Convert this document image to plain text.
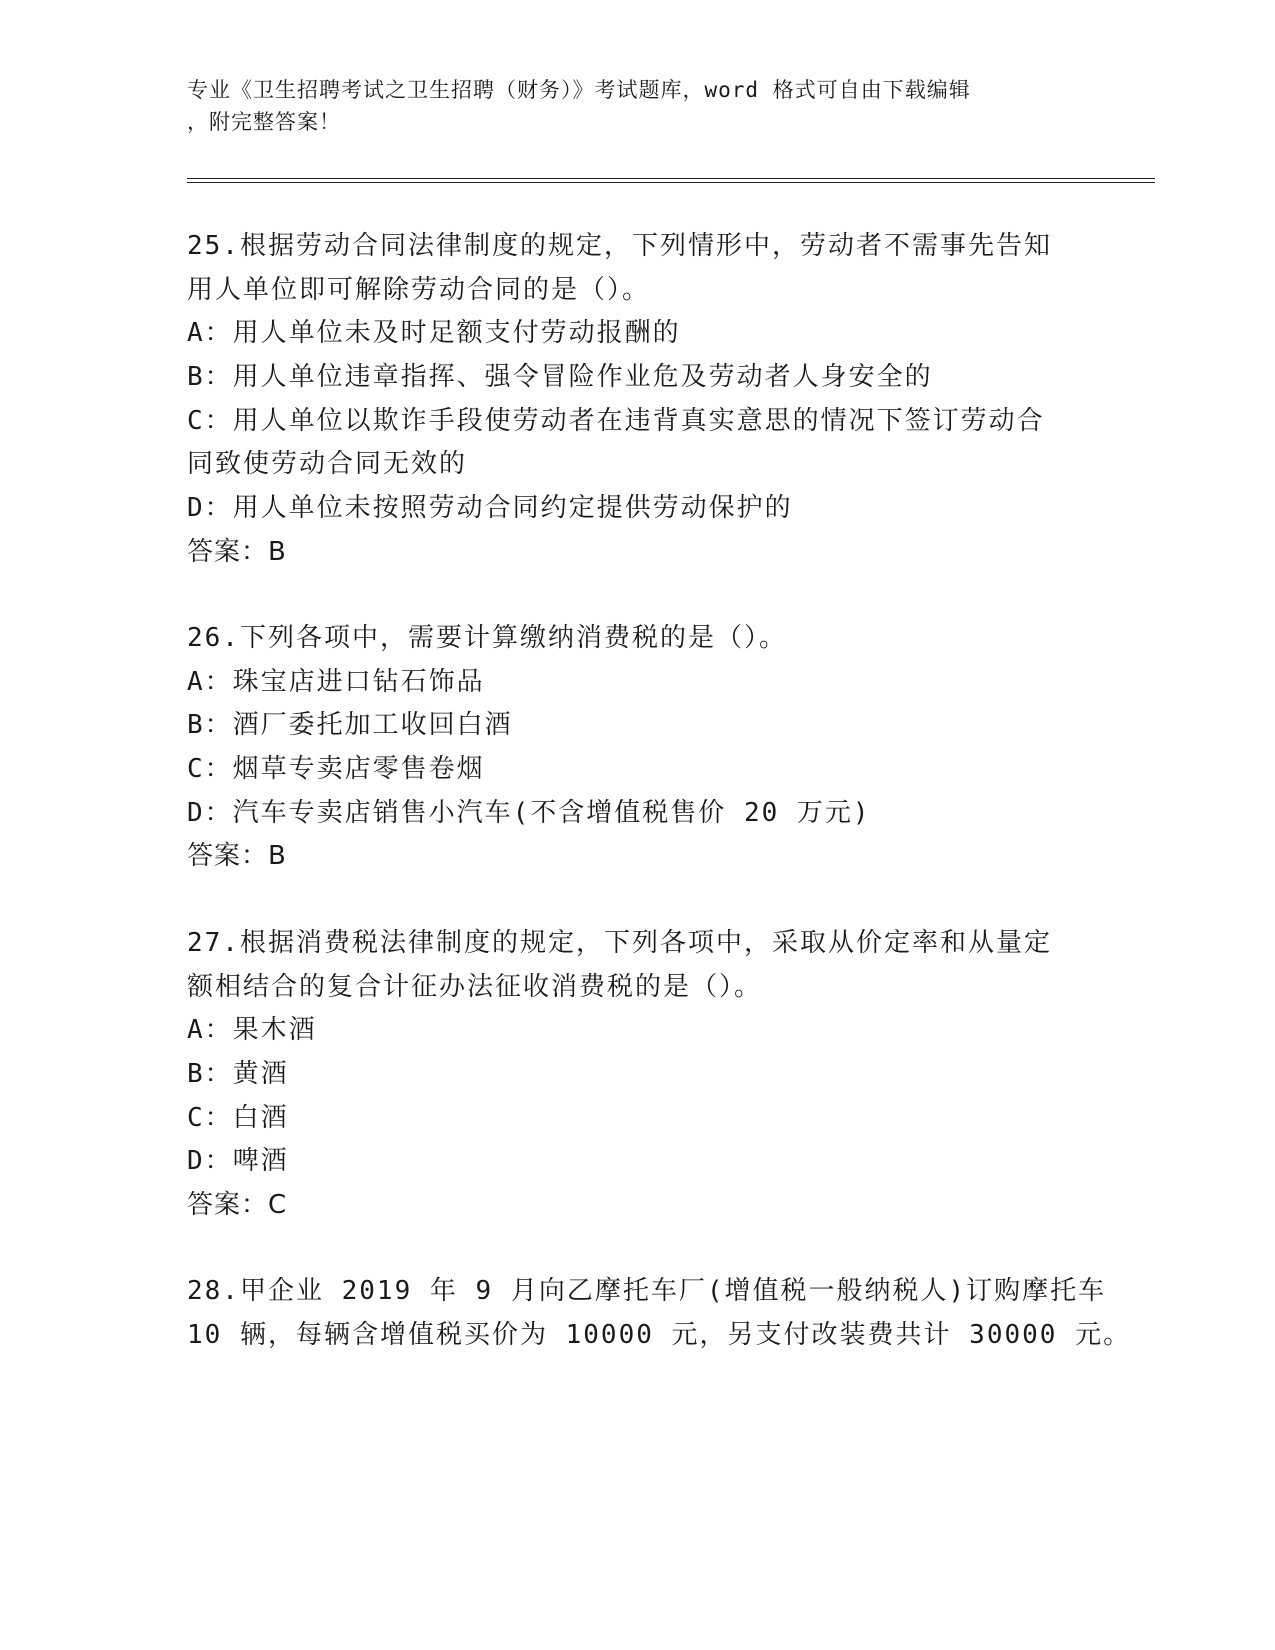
专业《卫生招聘考试之卫生招聘（财务）》考试题库，word 格式可自由下载编辑
，附完整答案！
25.根据劳动合同法律制度的规定，下列情形中，劳动者不需事先告知
用人单位即可解除劳动合同的是（）。
A：用人单位未及时足额支付劳动报酬的
B：用人单位违章指挥、强令冒险作业危及劳动者人身安全的
C：用人单位以欺诈手段使劳动者在违背真实意思的情况下签订劳动合
同致使劳动合同无效的
D：用人单位未按照劳动合同约定提供劳动保护的
答案：B
26.下列各项中，需要计算缴纳消费税的是（）。
A：珠宝店进口钻石饰品
B：酒厂委托加工收回白酒
C：烟草专卖店零售卷烟
D：汽车专卖店销售小汽车(不含增值税售价 20 万元)
答案：B
27.根据消费税法律制度的规定，下列各项中，采取从价定率和从量定
额相结合的复合计征办法征收消费税的是（）。
A：果木酒
B：黄酒
C：白酒
D：啤酒
答案：C
28.甲企业 2019 年 9 月向乙摩托车厂(增值税一般纳税人)订购摩托车
10 辆，每辆含增值税买价为 10000 元，另支付改装费共计 30000 元。
